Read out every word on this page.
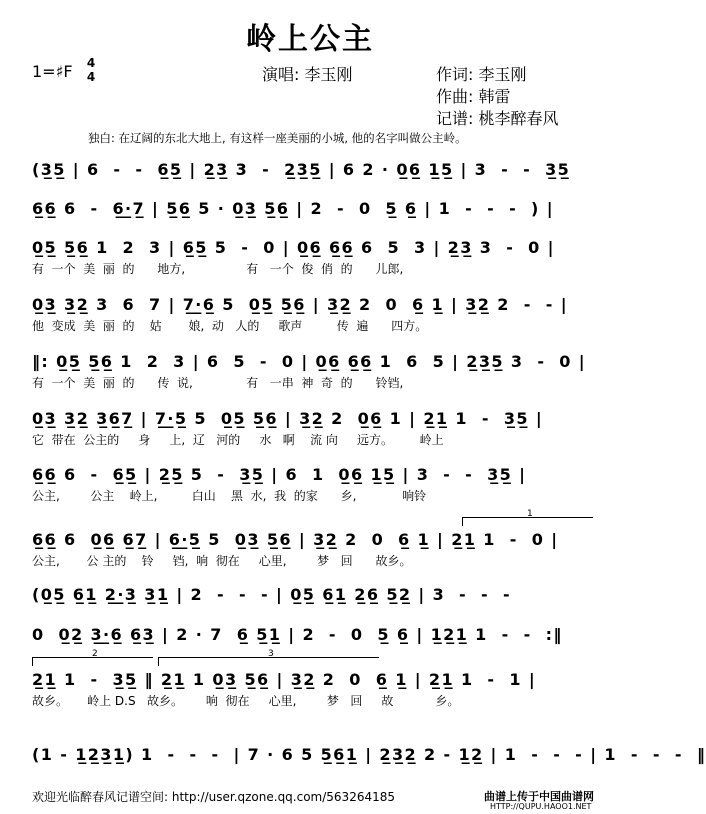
岭上公主
1=♯F 4
4	演唱: 李玉刚	作词: 李玉刚
作曲: 韩雷
记谱: 桃李醉春风
独白: 在辽阔的东北大地上, 有这样一座美丽的小城, 他的名字叫做公主岭。
(3̲5̲ | 6  -  -  6̲5̲ | 2̲3̲ 3  -  2̲3̲5̲ | 6 2 · 0̲6̲ 1̲5̲ | 3  -  -  3̲5̲
6̲6̲ 6  -  6̲·̲7̲ | 5̲6̲ 5 · 0̲3̲ 5̲6̲ | 2  -  0  5̲ 6̲ | 1  -  -  -  ) |
0̲5̲ 5̲6̲ 1  2  3 | 6̲5̲ 5  -  0 | 0̲6̲ 6̲6̲ 6  5  3 | 2̲3̲ 3  -  0 |
有  一个  美  丽  的      地方,                有   一个  俊  俏  的      儿郎,
0̲3̲ 3̲2̲ 3  6  7 | 7̲·̲6̲ 5  0̲5̲ 5̲6̲ | 3̲2̲ 2  0  6̲ 1̲ | 3̲2̲ 2  -  - |
他  变成  美  丽  的    姑       娘,  动   人的     歌声         传  遍      四方。
‖: 0̲5̲ 5̲6̲ 1  2  3 | 6  5  -  0 | 0̲6̲ 6̲6̲ 1  6  5 | 2̲3̲5̲ 3  -  0 |
有  一个  美  丽  的      传  说,              有   一串  神  奇  的      铃铛,
0̲3̲ 3̲2̲ 3̲6̲7̲ | 7̲·̲5̲ 5  0̲5̲ 5̲6̲ | 3̲2̲ 2  0̲6̲ 1 | 2̲1̲ 1  -  3̲5̲ |
它  带在  公主的     身     上,  辽   河的     水   啊    流 向     远方。       岭上
6̲6̲ 6  -  6̲5̲ | 2̲5̲ 5  -  3̲5̲ | 6  1  0̲6̲ 1̲5̲ | 3  -  -  3̲5̲ |
公主,        公主    岭上,         白山    黑  水,  我  的家      乡,            响铃
6̲6̲ 6  0̲6̲ 6̲7̲ | 6̲·̲5̲ 5  0̲3̲ 5̲6̲ | 3̲2̲ 2  0  6̲ 1̲ | 2̲1̲ 1  -  0 |
公主,       公 主的    铃     铛,  响  彻在     心里,        梦   回      故乡。
(0̲5̲ 6̲1̲ 2̲·̲3̲ 3̲1̲ | 2  -  -  - | 0̲5̲ 6̲1̲ 2̲6̲ 5̲2̲ | 3  -  -  -
0  0̲2̲ 3̲·̲6̲ 6̲3̲ | 2 · 7  6̲ 5̲1̲ | 2  -  0  5̲ 6̲ | 1̲2̲1̲ 1  -  -  :‖
2̲1̲ 1  -  3̲5̲ ‖ 2̲1̲ 1 0̲3̲ 5̲6̲ | 3̲2̲ 2  0  6̲ 1̲ | 2̲1̲ 1  -  1 |
故乡。     岭上 D.S   故乡。      响  彻在     心里,        梦   回     故           乡。
(1 - 1̲2̲3̲1̲) 1  -  -  -  | 7 · 6 5 5̲6̲1̲ | 2̲3̲2̲ 2 - 1̲2̲ | 1  -  -  - | 1  -  -  -  ‖
1
2	3
欢迎光临醉春风记谱空间: http://user.qzone.qq.com/563264185	曲谱上传于中国曲谱网
HTTP://QUPU.HAOO1.NET
